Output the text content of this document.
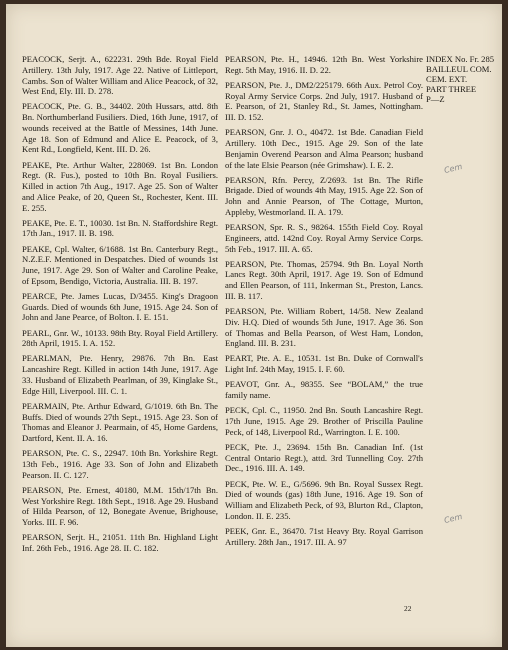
INDEX No. Fr. 285
BAILLEUL COM.
CEM. EXT.
PART THREE
P—Z

PEACOCK, Serjt. A., 622231. 29th Bde. Royal Field Artillery. 13th July, 1917. Age 22. Native of Littleport, Cambs. Son of Walter William and Alice Peacock, of 32, West End, Ely. III. D. 278.

PEACOCK, Pte. G. B., 34402. 20th Hussars, attd. 8th Bn. Northumberland Fusiliers. Died, 16th June, 1917, of wounds received at the Battle of Messines, 14th June. Age 18. Son of Edmund and Alice E. Peacock, of 3, Kent Rd., Longfield, Kent. III. D. 26.

PEAKE, Pte. Arthur Walter, 228069. 1st Bn. London Regt. (R. Fus.), posted to 10th Bn. Royal Fusiliers. Killed in action 7th Aug., 1917. Age 25. Son of Walter and Alice Peake, of 20, Queen St., Rochester, Kent. III. E. 255.

PEAKE, Pte. E. T., 10030. 1st Bn. N. Staffordshire Regt. 17th Jan., 1917. II. B. 198.

PEAKE, Cpl. Walter, 6/1688. 1st Bn. Canterbury Regt., N.Z.E.F. Mentioned in Despatches. Died of wounds 1st June, 1917. Age 29. Son of Walter and Caroline Peake, of Epsom, Bendigo, Victoria, Australia. III. B. 197.

PEARCE, Pte. James Lucas, D/3455. King's Dragoon Guards. Died of wounds 6th June, 1915. Age 24. Son of John and Jane Pearce, of Bolton. I. E. 151.

PEARL, Gnr. W., 10133. 98th Bty. Royal Field Artillery. 28th April, 1915. I. A. 152.

PEARLMAN, Pte. Henry, 29876. 7th Bn. East Lancashire Regt. Killed in action 14th June, 1917. Age 33. Husband of Elizabeth Pearlman, of 39, Kinglake St., Edge Hill, Liverpool. III. C. 1.

PEARMAIN, Pte. Arthur Edward, G/1019. 6th Bn. The Buffs. Died of wounds 27th Sept., 1915. Age 23. Son of Thomas and Eleanor J. Pearmain, of 45, Home Gardens, Dartford, Kent. II. A. 16.

PEARSON, Pte. C. S., 22947. 10th Bn. Yorkshire Regt. 13th Feb., 1916. Age 33. Son of John and Elizabeth Pearson. II. C. 127.

PEARSON, Pte. Ernest, 40180, M.M. 15th/17th Bn. West Yorkshire Regt. 18th Sept., 1918. Age 29. Husband of Hilda Pearson, of 12, Bonegate Avenue, Brighouse, Yorks. III. F. 96.

PEARSON, Serjt. H., 21051. 11th Bn. Highland Light Inf. 26th Feb., 1916. Age 28. II. C. 182.

PEARSON, Pte. H., 14946. 12th Bn. West Yorkshire Regt. 5th May, 1916. II. D. 22.

PEARSON, Pte. J., DM2/225179. 66th Aux. Petrol Coy. Royal Army Service Corps. 2nd July, 1917. Husband of E. Pearson, of 21, Stanley Rd., St. James, Nottingham. III. D. 152.

PEARSON, Gnr. J. O., 40472. 1st Bde. Canadian Field Artillery. 10th Dec., 1915. Age 29. Son of the late Benjamin Overend Pearson and Alma Pearson; husband of the late Elsie Pearson (née Grimshaw). I. E. 2.

PEARSON, Rfn. Percy, Z/2693. 1st Bn. The Rifle Brigade. Died of wounds 4th May, 1915. Age 22. Son of John and Annie Pearson, of The Cottage, Murton, Appleby, Westmorland. II. A. 179.

PEARSON, Spr. R. S., 98264. 155th Field Coy. Royal Engineers, attd. 142nd Coy. Royal Army Service Corps. 5th Feb., 1917. III. A. 65.

PEARSON, Pte. Thomas, 25794. 9th Bn. Loyal North Lancs Regt. 30th April, 1917. Age 19. Son of Edmund and Ellen Pearson, of 111, Inkerman St., Preston, Lancs. III. B. 117.

PEARSON, Pte. William Robert, 14/58. New Zealand Div. H.Q. Died of wounds 5th June, 1917. Age 36. Son of Thomas and Bella Pearson, of West Ham, London, England. III. B. 231.

PEART, Pte. A. E., 10531. 1st Bn. Duke of Cornwall's Light Inf. 24th May, 1915. I. F. 60.

PEAVOT, Gnr. A., 98355. See “BOLAM,” the true family name.

PECK, Cpl. C., 11950. 2nd Bn. South Lancashire Regt. 17th June, 1915. Age 29. Brother of Priscilla Pauline Peck, of 148, Liverpool Rd., Warrington. I. E. 100.

PECK, Pte. J., 23694. 15th Bn. Canadian Inf. (1st Central Ontario Regt.), attd. 3rd Tunnelling Coy. 27th Dec., 1916. III. A. 149.

PECK, Pte. W. E., G/5696. 9th Bn. Royal Sussex Regt. Died of wounds (gas) 18th June, 1916. Age 19. Son of William and Elizabeth Peck, of 93, Blurton Rd., Clapton, London. II. E. 235.

PEEK, Gnr. E., 36470. 71st Heavy Bty. Royal Garrison Artillery. 28th Jan., 1917. III. A. 97

Cem
Cem
22
